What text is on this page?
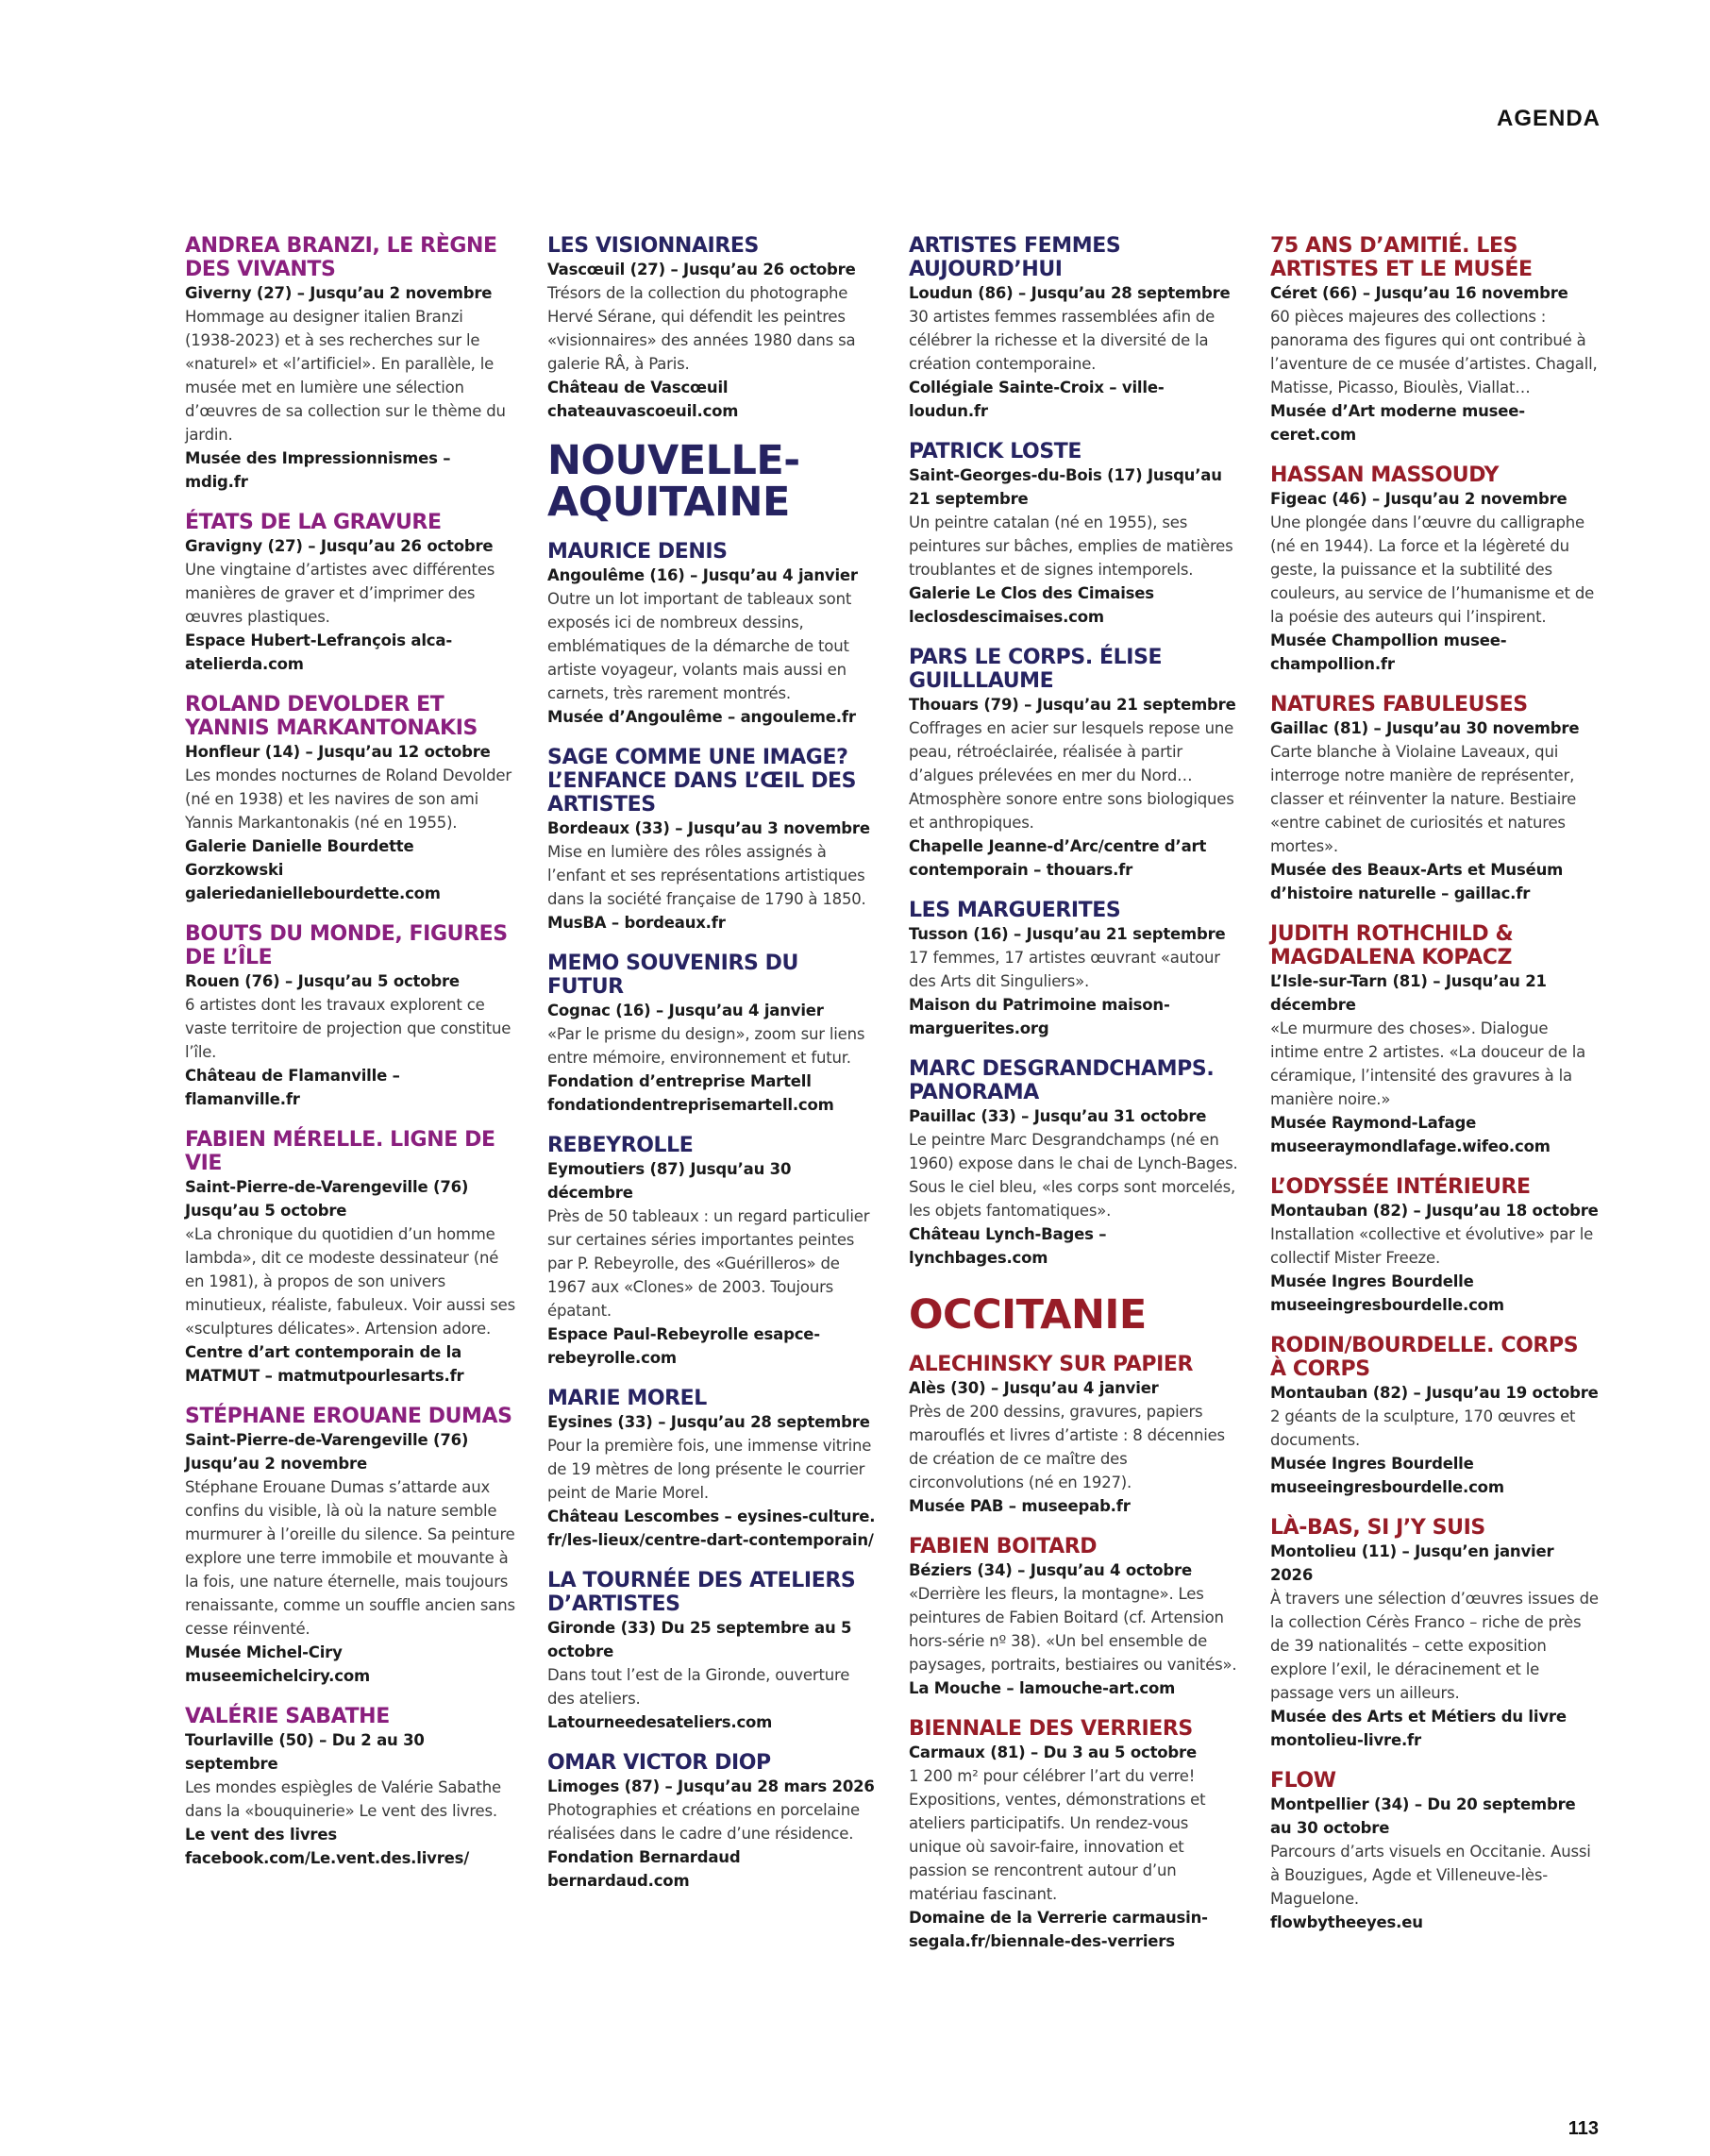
AGENDA
ANDREA BRANZI, LE RÈGNE DES VIVANTS
Giverny (27) – Jusqu’au 2 novembre
Hommage au designer italien Branzi (1938-2023) et à ses recherches sur le «naturel» et «l’artificiel». En parallèle, le musée met en lumière une sélection d’œuvres de sa collection sur le thème du jardin.
Musée des Impressionnismes – mdig.fr
ÉTATS DE LA GRAVURE
Gravigny (27) – Jusqu’au 26 octobre
Une vingtaine d’artistes avec différentes manières de graver et d’imprimer des œuvres plastiques.
Espace Hubert-Lefrançois alca-atelierda.com
ROLAND DEVOLDER ET YANNIS MARKANTONAKIS
Honfleur (14) – Jusqu’au 12 octobre
Les mondes nocturnes de Roland Devolder (né en 1938) et les navires de son ami Yannis Markantonakis (né en 1955).
Galerie Danielle Bourdette Gorzkowski galeriedaniellebourdette.com
BOUTS DU MONDE, FIGURES DE L’ÎLE
Rouen (76) – Jusqu’au 5 octobre
6 artistes dont les travaux explorent ce vaste territoire de projection que constitue l’île.
Château de Flamanville – flamanville.fr
FABIEN MÉRELLE. LIGNE DE VIE
Saint-Pierre-de-Varengeville (76) Jusqu’au 5 octobre
«La chronique du quotidien d’un homme lambda», dit ce modeste dessinateur (né en 1981), à propos de son univers minutieux, réaliste, fabuleux. Voir aussi ses «sculptures délicates». Artension adore.
Centre d’art contemporain de la MATMUT – matmutpourlesarts.fr
STÉPHANE EROUANE DUMAS
Saint-Pierre-de-Varengeville (76) Jusqu’au 2 novembre
Stéphane Erouane Dumas s’attarde aux confins du visible, là où la nature semble murmurer à l’oreille du silence. Sa peinture explore une terre immobile et mouvante à la fois, une nature éternelle, mais toujours renaissante, comme un souffle ancien sans cesse réinventé.
Musée Michel-Ciry museemichelciry.com
VALÉRIE SABATHE
Tourlaville (50) – Du 2 au 30 septembre
Les mondes espiègles de Valérie Sabathe dans la «bouquinerie» Le vent des livres.
Le vent des livres facebook.com/Le.vent.des.livres/
LES VISIONNAIRES
Vascœuil (27) – Jusqu’au 26 octobre
Trésors de la collection du photographe Hervé Sérane, qui défendit les peintres «visionnaires» des années 1980 dans sa galerie RÂ, à Paris.
Château de Vascœuil chateauvascoeuil.com
NOUVELLE-AQUITAINE
MAURICE DENIS
Angoulême (16) – Jusqu’au 4 janvier
Outre un lot important de tableaux sont exposés ici de nombreux dessins, emblématiques de la démarche de tout artiste voyageur, volants mais aussi en carnets, très rarement montrés.
Musée d’Angoulême – angouleme.fr
SAGE COMME UNE IMAGE? L’ENFANCE DANS L’ŒIL DES ARTISTES
Bordeaux (33) – Jusqu’au 3 novembre
Mise en lumière des rôles assignés à l’enfant et ses représentations artistiques dans la société française de 1790 à 1850.
MusBA – bordeaux.fr
MEMO SOUVENIRS DU FUTUR
Cognac (16) – Jusqu’au 4 janvier
«Par le prisme du design», zoom sur liens entre mémoire, environnement et futur.
Fondation d’entreprise Martell fondationdentreprisemartell.com
REBEYROLLE
Eymoutiers (87) Jusqu’au 30 décembre
Près de 50 tableaux : un regard particulier sur certaines séries importantes peintes par P. Rebeyrolle, des «Guérilleros» de 1967 aux «Clones» de 2003. Toujours épatant.
Espace Paul-Rebeyrolle esapce-rebeyrolle.com
MARIE MOREL
Eysines (33) – Jusqu’au 28 septembre
Pour la première fois, une immense vitrine de 19 mètres de long présente le courrier peint de Marie Morel.
Château Lescombes – eysines-culture. fr/les-lieux/centre-dart-contemporain/
LA TOURNÉE DES ATELIERS D’ARTISTES
Gironde (33) Du 25 septembre au 5 octobre
Dans tout l’est de la Gironde, ouverture des ateliers.
Latourneedesateliers.com
OMAR VICTOR DIOP
Limoges (87) – Jusqu’au 28 mars 2026
Photographies et créations en porcelaine réalisées dans le cadre d’une résidence.
Fondation Bernardaud bernardaud.com
ARTISTES FEMMES AUJOURD’HUI
Loudun (86) – Jusqu’au 28 septembre
30 artistes femmes rassemblées afin de célébrer la richesse et la diversité de la création contemporaine.
Collégiale Sainte-Croix – ville-loudun.fr
PATRICK LOSTE
Saint-Georges-du-Bois (17) Jusqu’au 21 septembre
Un peintre catalan (né en 1955), ses peintures sur bâches, emplies de matières troublantes et de signes intemporels.
Galerie Le Clos des Cimaises leclosdescimaises.com
PARS LE CORPS. ÉLISE GUILLLAUME
Thouars (79) – Jusqu’au 21 septembre
Coffrages en acier sur lesquels repose une peau, rétroéclairée, réalisée à partir d’algues prélevées en mer du Nord… Atmosphère sonore entre sons biologiques et anthropiques.
Chapelle Jeanne-d’Arc/centre d’art contemporain – thouars.fr
LES MARGUERITES
Tusson (16) – Jusqu’au 21 septembre
17 femmes, 17 artistes œuvrant «autour des Arts dit Singuliers».
Maison du Patrimoine maison-marguerites.org
MARC DESGRANDCHAMPS. PANORAMA
Pauillac (33) – Jusqu’au 31 octobre
Le peintre Marc Desgrandchamps (né en 1960) expose dans le chai de Lynch-Bages. Sous le ciel bleu, «les corps sont morcelés, les objets fantomatiques».
Château Lynch-Bages – lynchbages.com
OCCITANIE
ALECHINSKY SUR PAPIER
Alès (30) – Jusqu’au 4 janvier
Près de 200 dessins, gravures, papiers marouflés et livres d’artiste : 8 décennies de création de ce maître des circonvolutions (né en 1927).
Musée PAB – museepab.fr
FABIEN BOITARD
Béziers (34) – Jusqu’au 4 octobre
«Derrière les fleurs, la montagne». Les peintures de Fabien Boitard (cf. Artension hors-série nº 38). «Un bel ensemble de paysages, portraits, bestiaires ou vanités».
La Mouche – lamouche-art.com
BIENNALE DES VERRIERS
Carmaux (81) – Du 3 au 5 octobre
1 200 m² pour célébrer l’art du verre! Expositions, ventes, démonstrations et ateliers participatifs. Un rendez-vous unique où savoir-faire, innovation et passion se rencontrent autour d’un matériau fascinant.
Domaine de la Verrerie carmausin-segala.fr/biennale-des-verriers
75 ANS D’AMITIÉ. LES ARTISTES ET LE MUSÉE
Céret (66) – Jusqu’au 16 novembre
60 pièces majeures des collections : panorama des figures qui ont contribué à l’aventure de ce musée d’artistes. Chagall, Matisse, Picasso, Bioulès, Viallat…
Musée d’Art moderne musee-ceret.com
HASSAN MASSOUDY
Figeac (46) – Jusqu’au 2 novembre
Une plongée dans l’œuvre du calligraphe (né en 1944). La force et la légèreté du geste, la puissance et la subtilité des couleurs, au service de l’humanisme et de la poésie des auteurs qui l’inspirent.
Musée Champollion musee-champollion.fr
NATURES FABULEUSES
Gaillac (81) – Jusqu’au 30 novembre
Carte blanche à Violaine Laveaux, qui interroge notre manière de représenter, classer et réinventer la nature. Bestiaire «entre cabinet de curiosités et natures mortes».
Musée des Beaux-Arts et Muséum d’histoire naturelle – gaillac.fr
JUDITH ROTHCHILD & MAGDALENA KOPACZ
L’Isle-sur-Tarn (81) – Jusqu’au 21 décembre
«Le murmure des choses». Dialogue intime entre 2 artistes. «La douceur de la céramique, l’intensité des gravures à la manière noire.»
Musée Raymond-Lafage museeraymondlafage.wifeo.com
L’ODYSSÉE INTÉRIEURE
Montauban (82) – Jusqu’au 18 octobre
Installation «collective et évolutive» par le collectif Mister Freeze.
Musée Ingres Bourdelle museeingresbourdelle.com
RODIN/BOURDELLE. CORPS À CORPS
Montauban (82) – Jusqu’au 19 octobre
2 géants de la sculpture, 170 œuvres et documents.
Musée Ingres Bourdelle museeingresbourdelle.com
LÀ-BAS, SI J’Y SUIS
Montolieu (11) – Jusqu’en janvier 2026
À travers une sélection d’œuvres issues de la collection Cérès Franco – riche de près de 39 nationalités – cette exposition explore l’exil, le déracinement et le passage vers un ailleurs.
Musée des Arts et Métiers du livre montolieu-livre.fr
FLOW
Montpellier (34) – Du 20 septembre au 30 octobre
Parcours d’arts visuels en Occitanie. Aussi à Bouzigues, Agde et Villeneuve-lès-Maguelone.
flowbytheeyes.eu
113
